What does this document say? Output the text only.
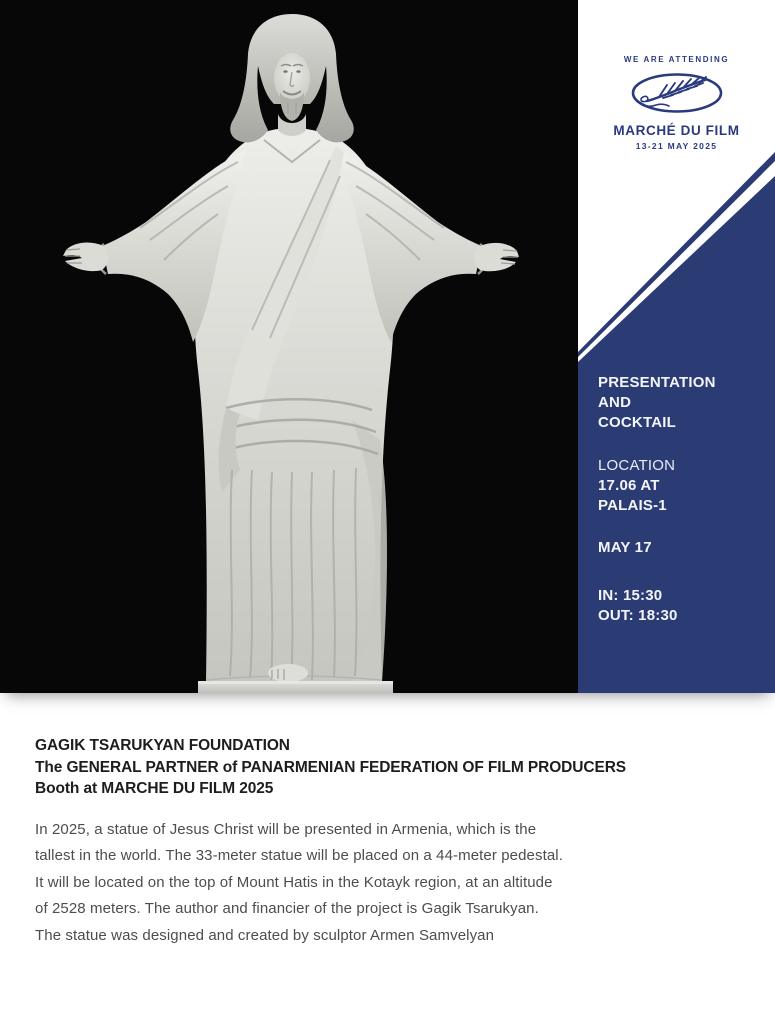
WE ARE ATTENDING
MARCHÉ DU FILM
13-21 MAY 2025
PRESENTATION
AND
COCKTAIL
LOCATION
17.06 AT
PALAIS-1
MAY 17
IN: 15:30
OUT: 18:30
GAGIK TSARUKYAN FOUNDATION
The GENERAL PARTNER of PANARMENIAN FEDERATION OF FILM PRODUCERS
Booth at MARCHE DU FILM 2025
In 2025, a statue of Jesus Christ will be presented in Armenia, which is the
tallest in the world. The 33-meter statue will be placed on a 44-meter pedestal.
It will be located on the top of Mount Hatis in the Kotayk region, at an altitude
of 2528 meters. The author and financier of the project is Gagik Tsarukyan.
The statue was designed and created by sculptor Armen Samvelyan
